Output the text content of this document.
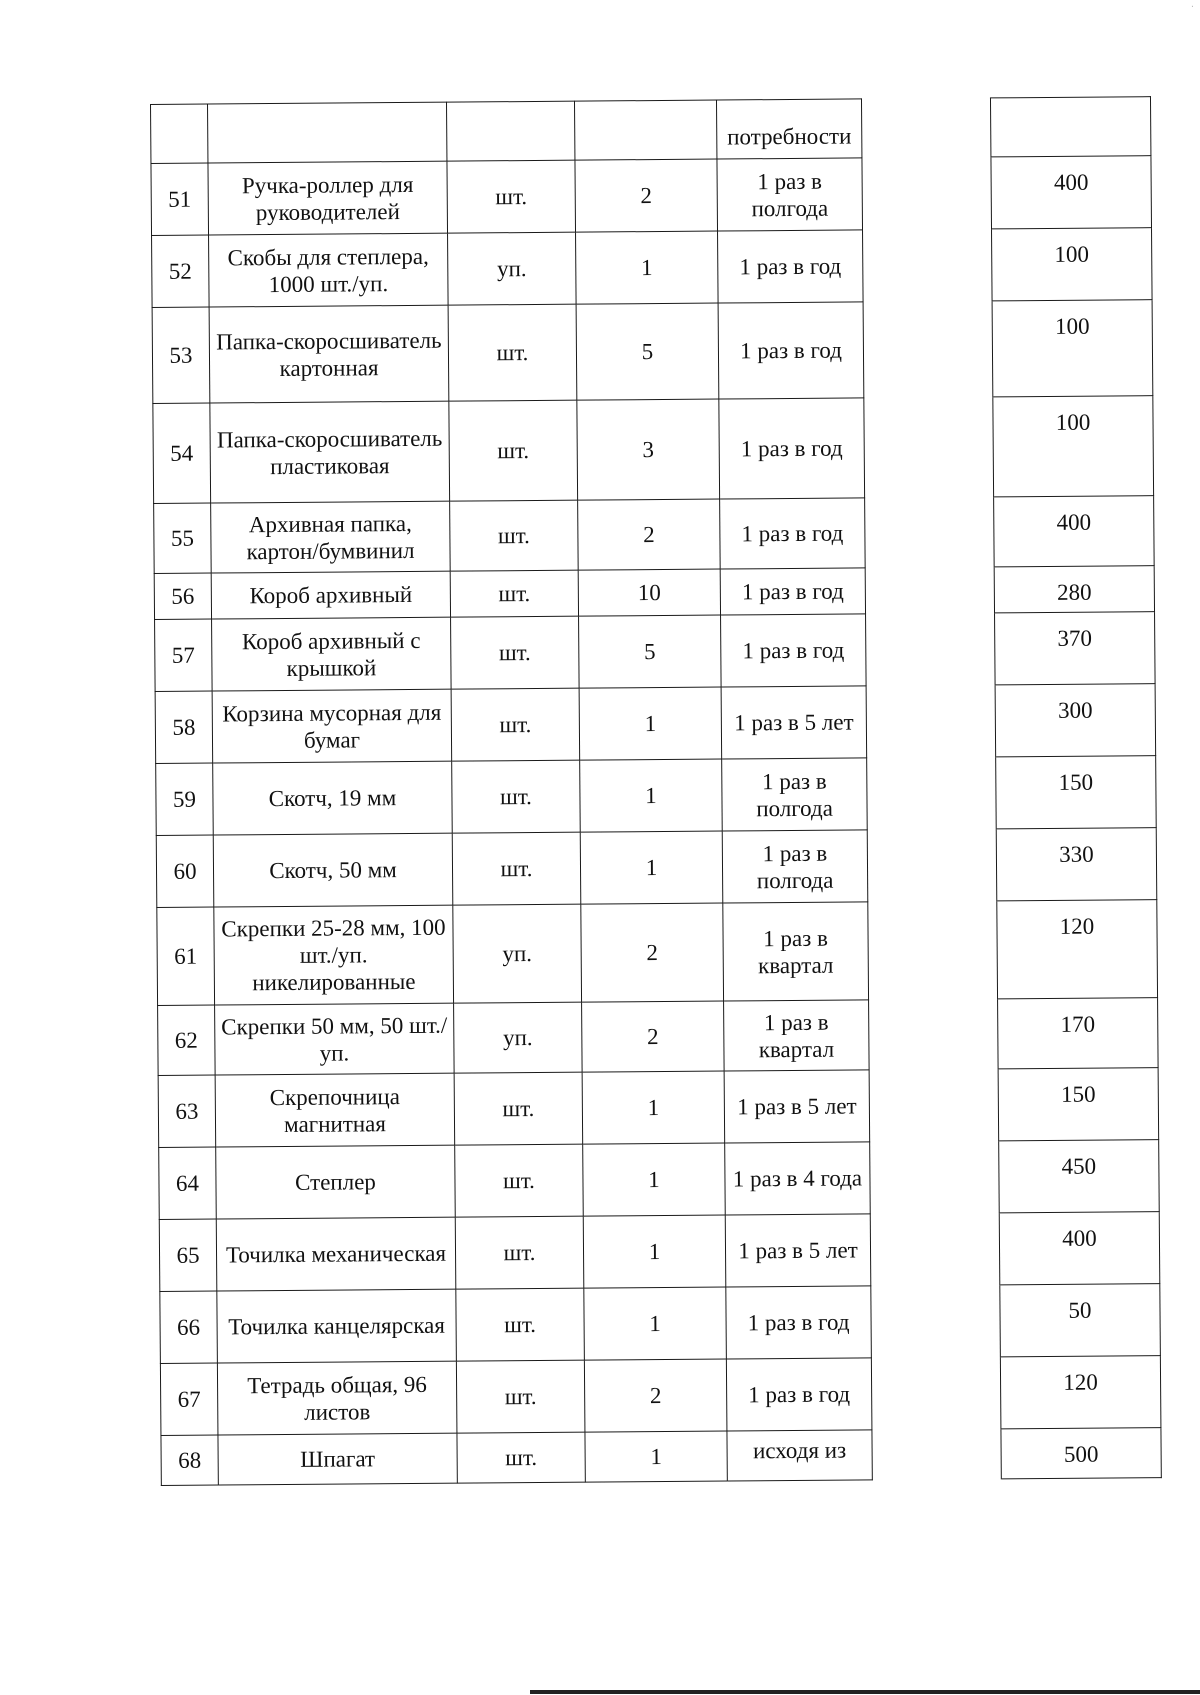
				потребности		
51	Ручка-роллер для руководителей	шт.	2	1 раз в полгода		400
52	Скобы для степлера, 1000 шт./уп.	уп.	1	1 раз в год		100
53	Папка-скоросшиватель картонная	шт.	5	1 раз в год		100
54	Папка-скоросшиватель пластиковая	шт.	3	1 раз в год		100
55	Архивная папка, картон/бумвинил	шт.	2	1 раз в год		400
56	Короб архивный	шт.	10	1 раз в год		280
57	Короб архивный с крышкой	шт.	5	1 раз в год		370
58	Корзина мусорная для бумаг	шт.	1	1 раз в 5 лет		300
59	Скотч, 19 мм	шт.	1	1 раз в полгода		150
60	Скотч, 50 мм	шт.	1	1 раз в полгода		330
61	Скрепки 25-28 мм, 100 шт./уп. никелированные	уп.	2	1 раз в квартал		120
62	Скрепки 50 мм, 50 шт./уп.	уп.	2	1 раз в квартал		170
63	Скрепочница магнитная	шт.	1	1 раз в 5 лет		150
64	Степлер	шт.	1	1 раз в 4 года		450
65	Точилка механическая	шт.	1	1 раз в 5 лет		400
66	Точилка канцелярская	шт.	1	1 раз в год		50
67	Тетрадь общая, 96 листов	шт.	2	1 раз в год		120
68	Шпагат	шт.	1	исходя из		500
·
